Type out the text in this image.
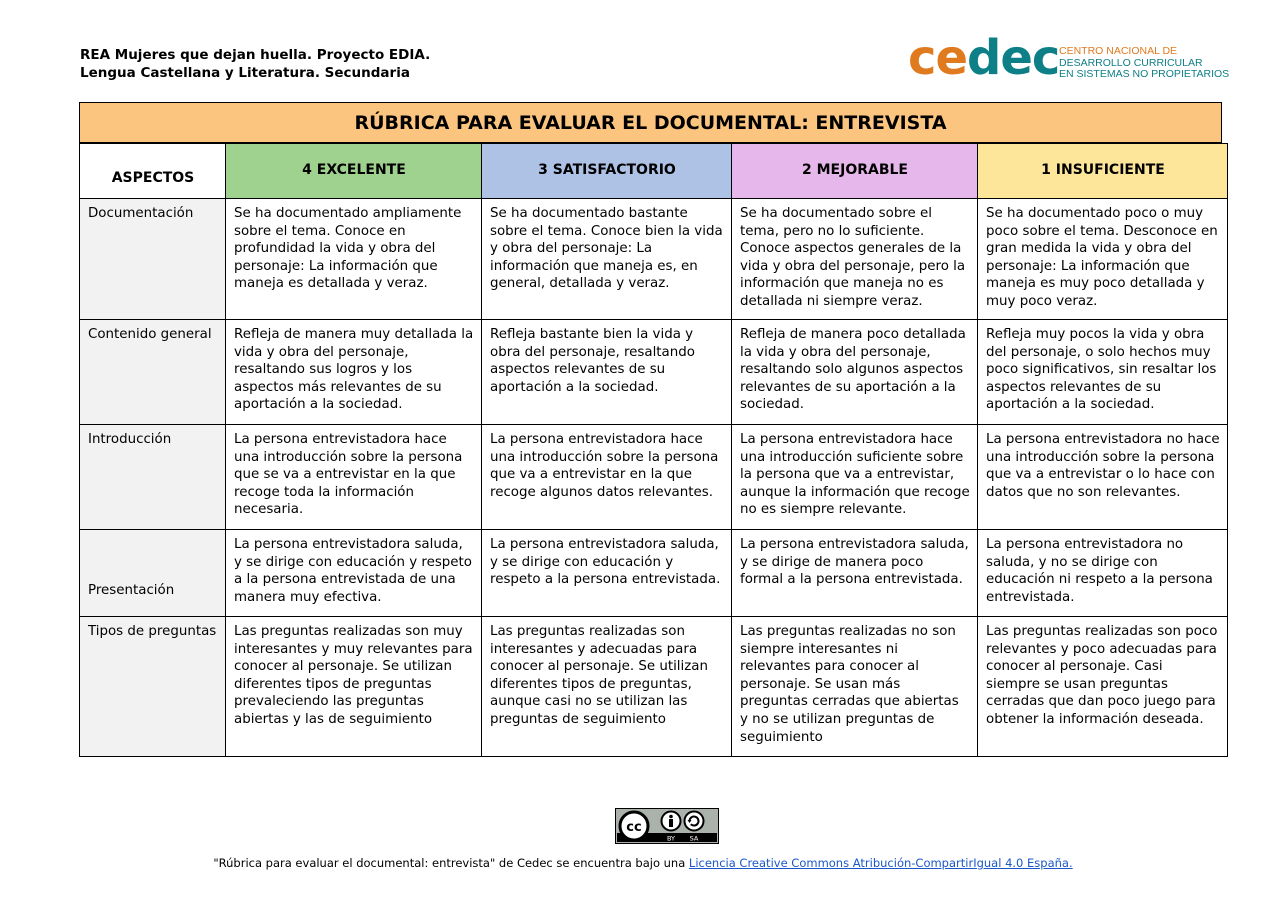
REA Mujeres que dejan huella. Proyecto EDIA.
Lengua Castellana y Literatura. Secundaria	cedec CENTRO NACIONAL DE
DESARROLLO CURRICULAR
EN SISTEMAS NO PROPIETARIOS
RÚBRICA PARA EVALUAR EL DOCUMENTAL: ENTREVISTA
ASPECTOS	4 EXCELENTE	3 SATISFACTORIO	2 MEJORABLE	1 INSUFICIENTE
Documentación	Se ha documentado ampliamente sobre el tema. Conoce en profundidad la vida y obra del personaje: La información que maneja es detallada y veraz.	Se ha documentado bastante sobre el tema. Conoce bien la vida y obra del personaje: La información que maneja es, en general, detallada y veraz.	Se ha documentado sobre el tema, pero no lo suficiente. Conoce aspectos generales de la vida y obra del personaje, pero la información que maneja no es detallada ni siempre veraz.	Se ha documentado poco o muy poco sobre el tema. Desconoce en gran medida la vida y obra del personaje: La información que maneja es muy poco detallada y muy poco veraz.
Contenido general	Refleja de manera muy detallada la vida y obra del personaje, resaltando sus logros y los aspectos más relevantes de su aportación a la sociedad.	Refleja bastante bien la vida y obra del personaje, resaltando aspectos relevantes de su aportación a la sociedad.	Refleja de manera poco detallada la vida y obra del personaje, resaltando solo algunos aspectos relevantes de su aportación a la sociedad.	Refleja muy pocos la vida y obra del personaje, o solo hechos muy poco significativos, sin resaltar los aspectos relevantes de su aportación a la sociedad.
Introducción	La persona entrevistadora hace una introducción sobre la persona que se va a entrevistar en la que recoge toda la información necesaria.	La persona entrevistadora hace una introducción sobre la persona que va a entrevistar en la que recoge algunos datos relevantes.	La persona entrevistadora hace una introducción suficiente sobre la persona que va a entrevistar, aunque la información que recoge no es siempre relevante.	La persona entrevistadora no hace una introducción sobre la persona que va a entrevistar o lo hace con datos que no son relevantes.
Presentación	La persona entrevistadora saluda, y se dirige con educación y respeto a la persona entrevistada de una manera muy efectiva.	La persona entrevistadora saluda, y se dirige con educación y respeto a la persona entrevistada.	La persona entrevistadora saluda, y se dirige de manera poco formal a la persona entrevistada.	La persona entrevistadora no saluda, y no se dirige con educación ni respeto a la persona entrevistada.
Tipos de preguntas	Las preguntas realizadas son muy interesantes y muy relevantes para conocer al personaje. Se utilizan diferentes tipos de preguntas prevaleciendo las preguntas abiertas y las de seguimiento	Las preguntas realizadas son interesantes y adecuadas para conocer al personaje. Se utilizan diferentes tipos de preguntas, aunque casi no se utilizan las preguntas de seguimiento	Las preguntas realizadas no son siempre interesantes ni relevantes para conocer al personaje. Se usan más preguntas cerradas que abiertas y no se utilizan preguntas de seguimiento	Las preguntas realizadas son poco relevantes y poco adecuadas para conocer al personaje. Casi siempre se usan preguntas cerradas que dan poco juego para obtener la información deseada.
cc
BY SA
"Rúbrica para evaluar el documental: entrevista" de Cedec se encuentra bajo una Licencia Creative Commons Atribución-CompartirIgual 4.0 España.
